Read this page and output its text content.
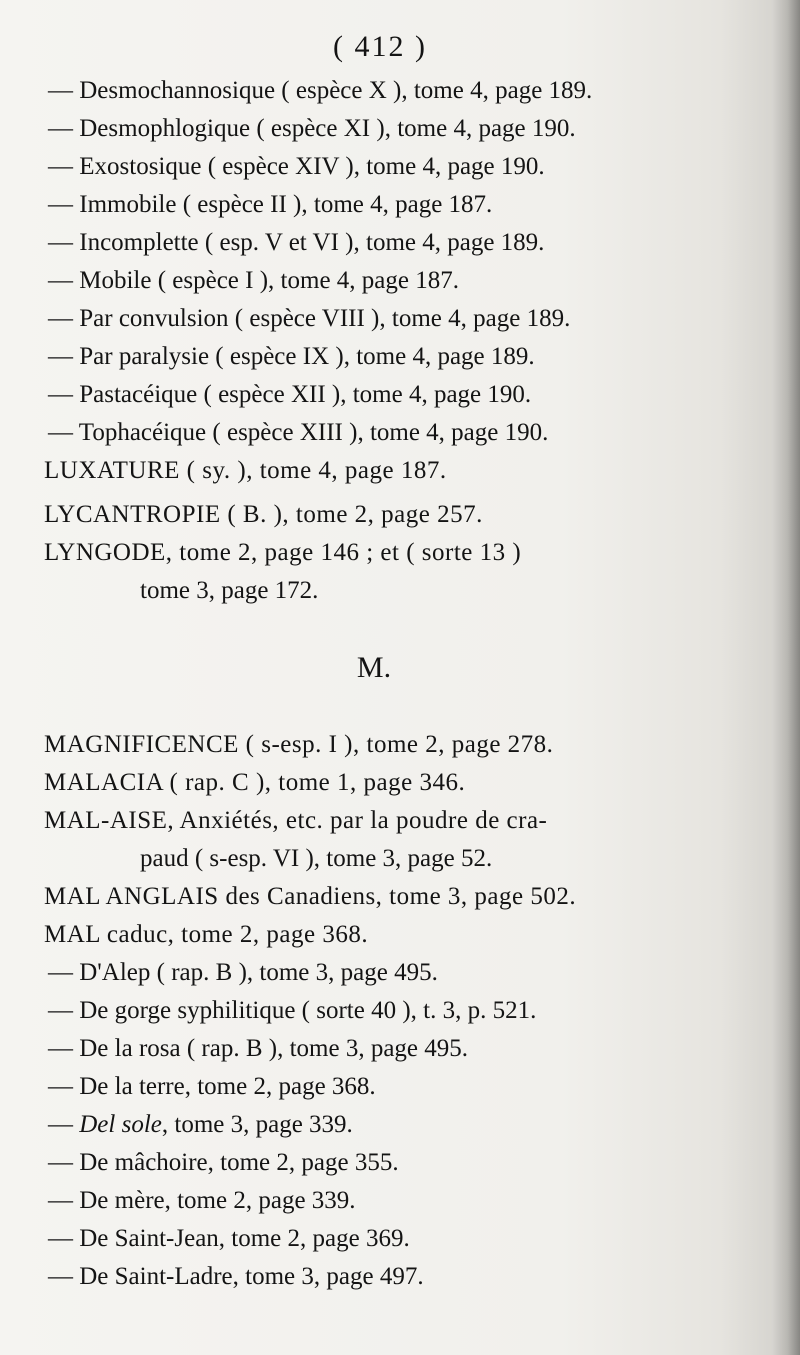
( 412 )
— Desmochannosique ( espèce X ), tome 4, page 189.
— Desmophlogique ( espèce XI ), tome 4, page 190.
— Exostosique ( espèce XIV ), tome 4, page 190.
— Immobile ( espèce II ), tome 4, page 187.
— Incomplette ( esp. V et VI ), tome 4, page 189.
— Mobile ( espèce I ), tome 4, page 187.
— Par convulsion ( espèce VIII ), tome 4, page 189.
— Par paralysie ( espèce IX ), tome 4, page 189.
— Pastacéique ( espèce XII ), tome 4, page 190.
— Tophacéique ( espèce XIII ), tome 4, page 190.
LUXATURE ( sy. ), tome 4, page 187.
LYCANTROPIE ( B. ), tome 2, page 257.
LYNGODE, tome 2, page 146 ; et ( sorte 13 )
tome 3, page 172.
M.
MAGNIFICENCE ( s-esp. I ), tome 2, page 278.
MALACIA ( rap. C ), tome 1, page 346.
MAL-AISE, Anxiétés, etc. par la poudre de cra-
paud ( s-esp. VI ), tome 3, page 52.
MAL ANGLAIS des Canadiens, tome 3, page 502.
MAL caduc, tome 2, page 368.
— D'Alep ( rap. B ), tome 3, page 495.
— De gorge syphilitique ( sorte 40 ), t. 3, p. 521.
— De la rosa ( rap. B ), tome 3, page 495.
— De la terre, tome 2, page 368.
— Del sole, tome 3, page 339.
— De mâchoire, tome 2, page 355.
— De mère, tome 2, page 339.
— De Saint-Jean, tome 2, page 369.
— De Saint-Ladre, tome 3, page 497.
